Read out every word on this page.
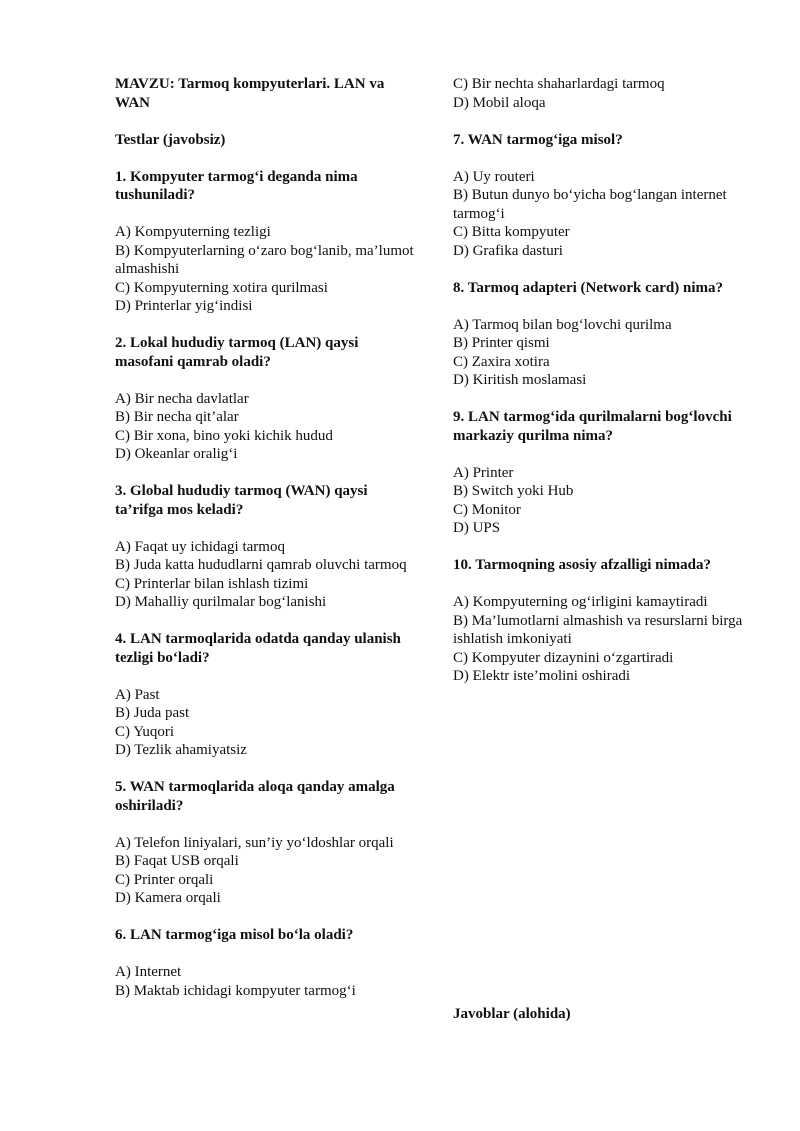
MAVZU: Tarmoq kompyuterlari. LAN va WAN

Testlar (javobsiz)

1. Kompyuter tarmog‘i deganda nima tushuniladi?

A) Kompyuterning tezligi

B) Kompyuterlarning o‘zaro bog‘lanib, ma’lumot almashishi

C) Kompyuterning xotira qurilmasi

D) Printerlar yig‘indisi

2. Lokal hududiy tarmoq (LAN) qaysi masofani qamrab oladi?

A) Bir necha davlatlar

B) Bir necha qit’alar

C) Bir xona, bino yoki kichik hudud

D) Okeanlar oralig‘i

3. Global hududiy tarmoq (WAN) qaysi ta’rifga mos keladi?

A) Faqat uy ichidagi tarmoq

B) Juda katta hududlarni qamrab oluvchi tarmoq

C) Printerlar bilan ishlash tizimi

D) Mahalliy qurilmalar bog‘lanishi

4. LAN tarmoqlarida odatda qanday ulanish tezligi bo‘ladi?

A) Past

B) Juda past

C) Yuqori

D) Tezlik ahamiyatsiz

5. WAN tarmoqlarida aloqa qanday amalga oshiriladi?

A) Telefon liniyalari, sun’iy yo‘ldoshlar orqali

B) Faqat USB orqali

C) Printer orqali

D) Kamera orqali

6. LAN tarmog‘iga misol bo‘la oladi?

A) Internet

B) Maktab ichidagi kompyuter tarmog‘i

C) Bir nechta shaharlardagi tarmoq

D) Mobil aloqa

7. WAN tarmog‘iga misol?

A) Uy routeri

B) Butun dunyo bo‘yicha bog‘langan internet tarmog‘i

C) Bitta kompyuter

D) Grafika dasturi

8. Tarmoq adapteri (Network card) nima?

A) Tarmoq bilan bog‘lovchi qurilma

B) Printer qismi

C) Zaxira xotira

D) Kiritish moslamasi

9. LAN tarmog‘ida qurilmalarni bog‘lovchi markaziy qurilma nima?

A) Printer

B) Switch yoki Hub

C) Monitor

D) UPS

10. Tarmoqning asosiy afzalligi nimada?

A) Kompyuterning og‘irligini kamaytiradi

B) Ma’lumotlarni almashish va resurslarni birga ishlatish imkoniyati

C) Kompyuter dizaynini o‘zgartiradi

D) Elektr iste’molini oshiradi

Javoblar (alohida)
